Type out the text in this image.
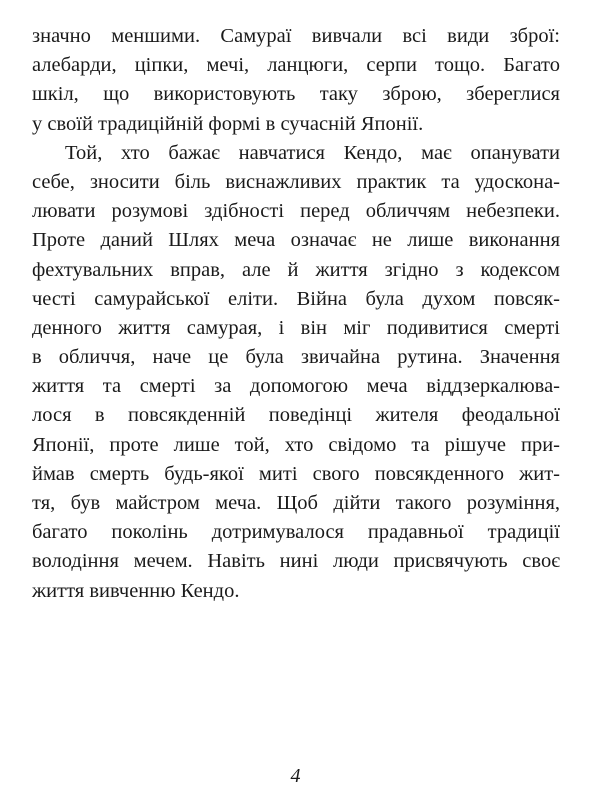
значно меншими. Самураї вивчали всі види зброї:
алебарди, ціпки, мечі, ланцюги, серпи тощо. Багато
шкіл, що використовують таку зброю, збереглися
у своїй традиційній формі в сучасній Японії.
Той, хто бажає навчатися Кендо, має опанувати
себе, зносити біль виснажливих практик та удоскона-
лювати розумові здібності перед обличчям небезпеки.
Проте даний Шлях меча означає не лише виконання
фехтувальних вправ, але й життя згідно з кодексом
честі самурайської еліти. Війна була духом повсяк-
денного життя самурая, і він міг подивитися смерті
в обличчя, наче це була звичайна рутина. Значення
життя та смерті за допомогою меча віддзеркалюва-
лося в повсякденній поведінці жителя феодальної
Японії, проте лише той, хто свідомо та рішуче при-
ймав смерть будь-якої миті свого повсякденного жит-
тя, був майстром меча. Щоб дійти такого розуміння,
багато поколінь дотримувалося прадавньої традиції
володіння мечем. Навіть нині люди присвячують своє
життя вивченню Кендо.
4
